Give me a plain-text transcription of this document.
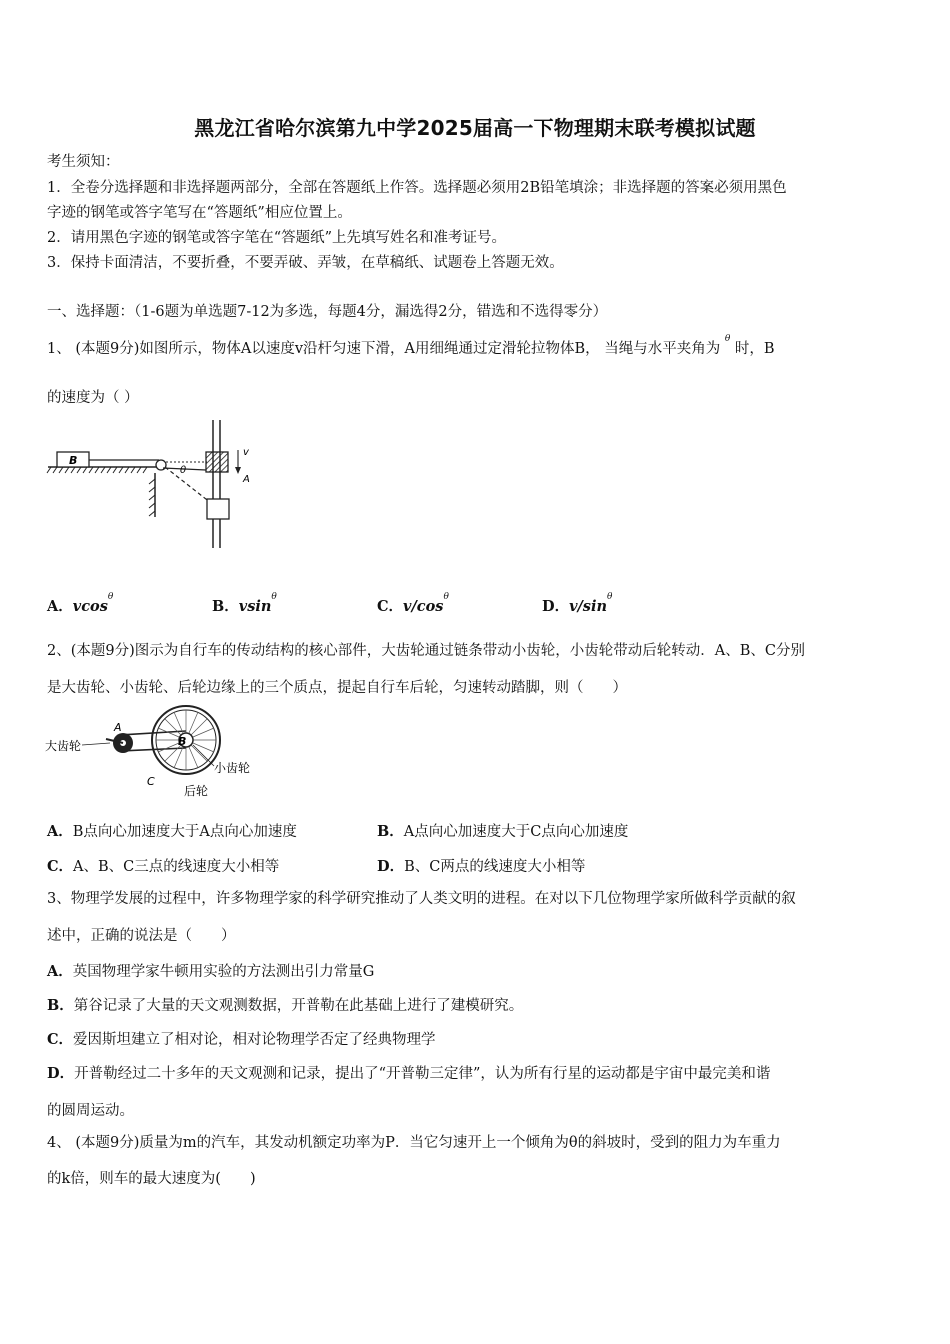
黑龙江省哈尔滨第九中学2025届高一下物理期末联考模拟试题
考生须知：
1．全卷分选择题和非选择题两部分，全部在答题纸上作答。选择题必须用2B铅笔填涂；非选择题的答案必须用黑色
字迹的钢笔或答字笔写在“答题纸”相应位置上。
2．请用黑色字迹的钢笔或答字笔在“答题纸”上先填写姓名和准考证号。
3．保持卡面清洁，不要折叠，不要弄破、弄皱，在草稿纸、试题卷上答题无效。
一、选择题：（1-6题为单选题7-12为多选，每题4分，漏选得2分，错选和不选得零分）
1、 (本题9分)如图所示，物体A以速度v沿杆匀速下滑，A用细绳通过定滑轮拉物体B， 当绳与水平夹角为 $^\theta$ 时，B
的速度为（ ）
B
θ
v
A
A．vcos$^\theta$
B．vsin$^\theta$
C．$v/\cos^\theta$
D．$v/\sin^\theta$
2、(本题9分)图示为自行车的传动结构的核心部件，大齿轮通过链条带动小齿轮，小齿轮带动后轮转动．A、B、C分别
是大齿轮、小齿轮、后轮边缘上的三个质点，提起自行车后轮，匀速转动踏脚，则（　　）
大齿轮
A
B
C
小齿轮
后轮
A．B点向心加速度大于A点向心加速度	B．A点向心加速度大于C点向心加速度
C．A、B、C三点的线速度大小相等	D．B、C两点的线速度大小相等
3、物理学发展的过程中，许多物理学家的科学研究推动了人类文明的进程。在对以下几位物理学家所做科学贡献的叙
述中，正确的说法是（　　）
A．英国物理学家牛顿用实验的方法测出引力常量G
B．第谷记录了大量的天文观测数据，开普勒在此基础上进行了建模研究。
C．爱因斯坦建立了相对论，相对论物理学否定了经典物理学
D．开普勒经过二十多年的天文观测和记录，提出了“开普勒三定律”，认为所有行星的运动都是宇宙中最完美和谐
的圆周运动。
4、 (本题9分)质量为m的汽车，其发动机额定功率为P．当它匀速开上一个倾角为θ的斜坡时，受到的阻力为车重力
的k倍，则车的最大速度为(　　)
